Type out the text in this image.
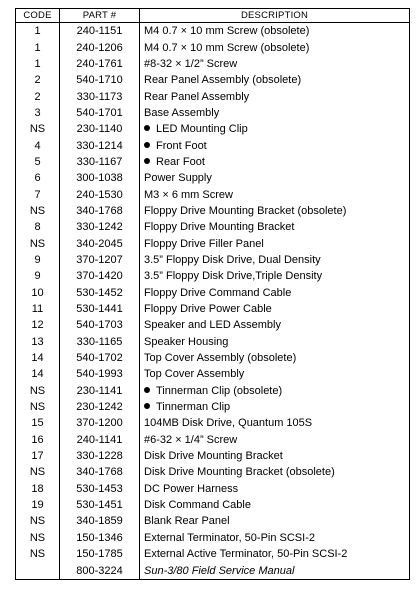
CODE	PART #	DESCRIPTION
1	240-1151	M4 0.7 × 10 mm Screw (obsolete)
1	240-1206	M4 0.7 × 10 mm Screw (obsolete)
1	240-1761	#8-32 × 1/2” Screw
2	540-1710	Rear Panel Assembly (obsolete)
2	330-1173	Rear Panel Assembly
3	540-1701	Base Assembly
NS	230-1140	LED Mounting Clip
4	330-1214	Front Foot
5	330-1167	Rear Foot
6	300-1038	Power Supply
7	240-1530	M3 × 6 mm Screw
NS	340-1768	Floppy Drive Mounting Bracket (obsolete)
8	330-1242	Floppy Drive Mounting Bracket
NS	340-2045	Floppy Drive Filler Panel
9	370-1207	3.5” Floppy Disk Drive, Dual Density
9	370-1420	3.5” Floppy Disk Drive,Triple Density
10	530-1452	Floppy Drive Command Cable
11	530-1441	Floppy Drive Power Cable
12	540-1703	Speaker and LED Assembly
13	330-1165	Speaker Housing
14	540-1702	Top Cover Assembly (obsolete)
14	540-1993	Top Cover Assembly
NS	230-1141	Tinnerman Clip (obsolete)
NS	230-1242	Tinnerman Clip
15	370-1200	104MB Disk Drive, Quantum 105S
16	240-1141	#6-32 × 1/4” Screw
17	330-1228	Disk Drive Mounting Bracket
NS	340-1768	Disk Drive Mounting Bracket (obsolete)
18	530-1453	DC Power Harness
19	530-1451	Disk Command Cable
NS	340-1859	Blank Rear Panel
NS	150-1346	External Terminator, 50-Pin SCSI-2
NS	150-1785	External Active Terminator, 50-Pin SCSI-2
	800-3224	Sun-3/80 Field Service Manual
